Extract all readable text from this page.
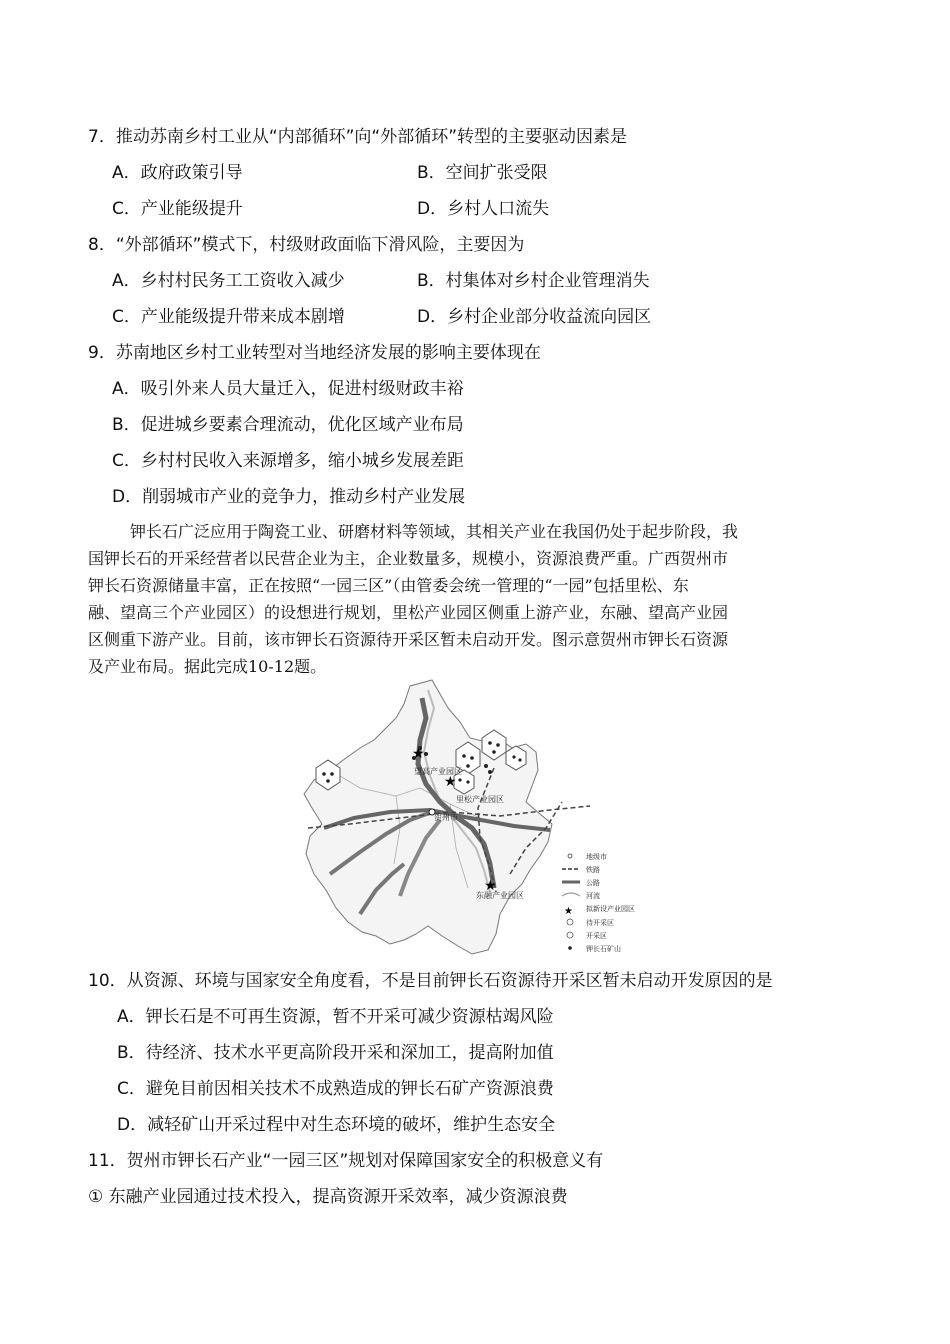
7．推动苏南乡村工业从“内部循环”向“外部循环”转型的主要驱动因素是
A．政府政策引导	B．空间扩张受限
C．产业能级提升	D．乡村人口流失
8．“外部循环”模式下，村级财政面临下滑风险，主要因为
A．乡村村民务工工资收入减少	B．村集体对乡村企业管理消失
C．产业能级提升带来成本剧增	D．乡村企业部分收益流向园区
9．苏南地区乡村工业转型对当地经济发展的影响主要体现在
A．吸引外来人员大量迁入，促进村级财政丰裕
B．促进城乡要素合理流动，优化区域产业布局
C．乡村村民收入来源增多，缩小城乡发展差距
D．削弱城市产业的竞争力，推动乡村产业发展
钾长石广泛应用于陶瓷工业、研磨材料等领域，其相关产业在我国仍处于起步阶段，我
国钾长石的开采经营者以民营企业为主，企业数量多，规模小，资源浪费严重。广西贺州市
钾长石资源储量丰富，正在按照“一园三区”（由管委会统一管理的“一园”包括里松、东
融、望高三个产业园区）的设想进行规划，里松产业园区侧重上游产业，东融、望高产业园
区侧重下游产业。目前，该市钾长石资源待开采区暂未启动开发。图示意贺州市钾长石资源
及产业布局。据此完成10-12题。
★
★
★
望高产业园区
里松产业园区
贺州市
东融产业园区
地级市
铁路
公路
河流
★ 拟新设产业园区
待开采区
开采区
钾长石矿山
10．从资源、环境与国家安全角度看，不是目前钾长石资源待开采区暂未启动开发原因的是
A．钾长石是不可再生资源，暂不开采可减少资源枯竭风险
B．待经济、技术水平更高阶段开采和深加工，提高附加值
C．避免目前因相关技术不成熟造成的钾长石矿产资源浪费
D．减轻矿山开采过程中对生态环境的破坏，维护生态安全
11．贺州市钾长石产业“一园三区”规划对保障国家安全的积极意义有
① 东融产业园通过技术投入，提高资源开采效率，减少资源浪费
